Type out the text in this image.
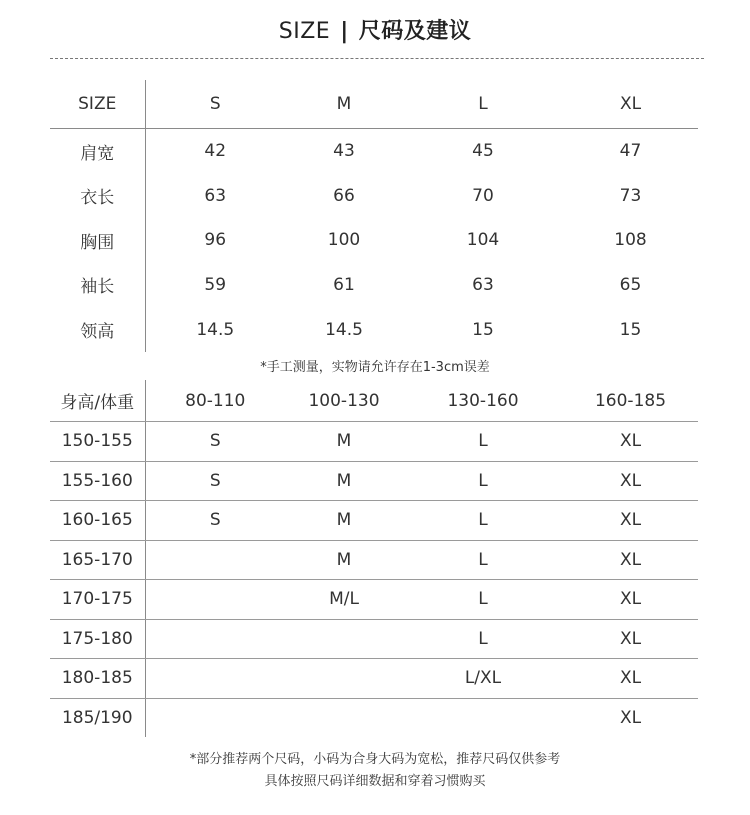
SIZE | 尺码及建议
SIZE	S	M	L	XL
肩宽	42	43	45	47
衣长	63	66	70	73
胸围	96	100	104	108
袖长	59	61	63	65
领高	14.5	14.5	15	15
*手工测量，实物请允许存在1-3cm误差
身高/体重	80-110	100-130	130-160	160-185
150-155	S	M	L	XL
155-160	S	M	L	XL
160-165	S	M	L	XL
165-170		M	L	XL
170-175		M/L	L	XL
175-180			L	XL
180-185			L/XL	XL
185/190				XL
*部分推荐两个尺码，小码为合身大码为宽松，推荐尺码仅供参考
具体按照尺码详细数据和穿着习惯购买
